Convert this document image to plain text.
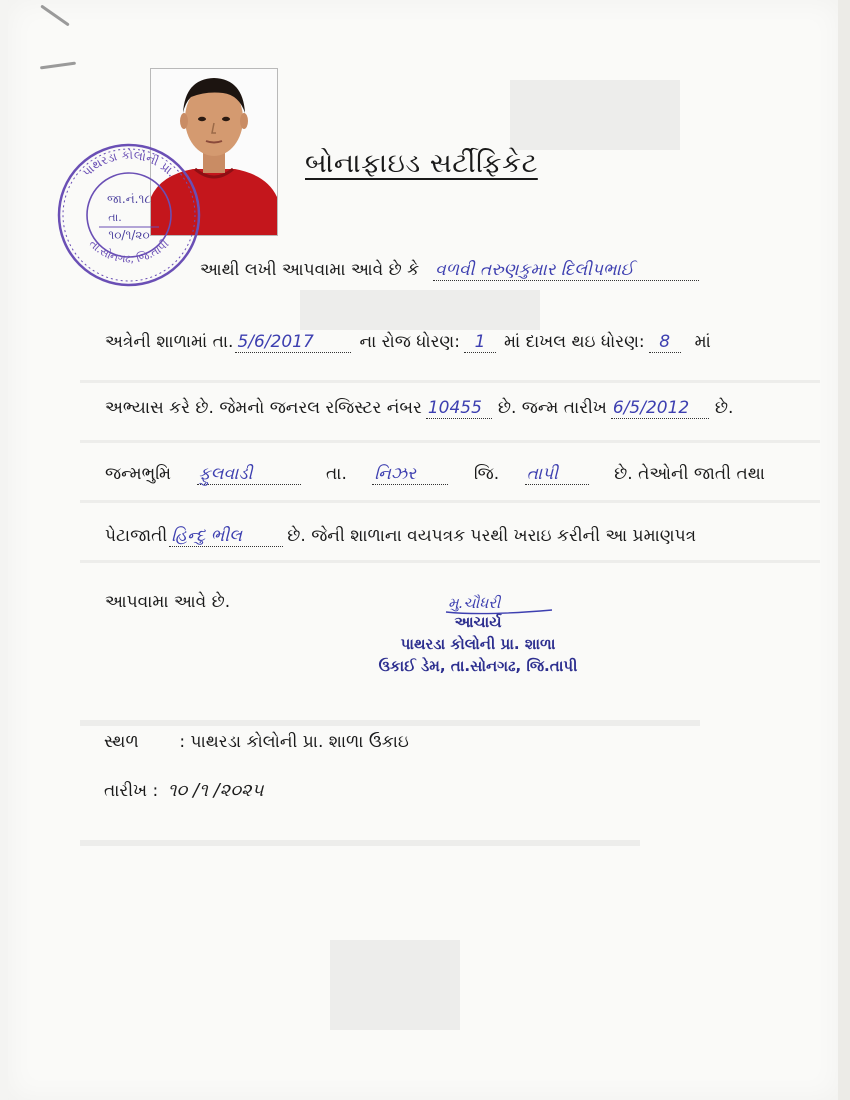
પાથરડા કોલોની પ્રા.
તા.સોનગઢ, જિ.તાપી
જા.નં.૧૮
તા.
૧૦/૧/૨૦
બોનાફાઇડ સર્ટીફિકેટ
આથી લખી આપવામા આવે છે કે વળવી તરુણકુમાર દિલીપભાઈ
અત્રેની શાળામાં તા. 5/6/2017	ના રોજ ધોરણ: 1	માં દાખલ થઇ ધોરણ: 8	માં
અભ્યાસ કરે છે. જેમનો જનરલ રજિસ્ટર નંબર 10455 છે. જન્મ તારીખ 6/5/2012	છે.
જન્મભુમિ ફુલવાડી	તા. નિઝર	જિ. તાપી	છે. તેઓની જાતી તથા
પેટાજાતી હિન્દુ ભીલ	છે. જેની શાળાના વયપત્રક પરથી ખરાઇ કરીની આ પ્રમાણપત્ર
આપવામા આવે છે.	મુ.ચૌધરી
આચાર્ય
પાથરડા કોલોની પ્રા. શાળા
ઉકાઈ ડેમ, તા.સોનગઢ, જિ.તાપી
સ્થળ : પાથરડા કોલોની પ્રા. શાળા ઉકાઇ
તારીખ : ૧૦ /૧ /૨૦૨૫
